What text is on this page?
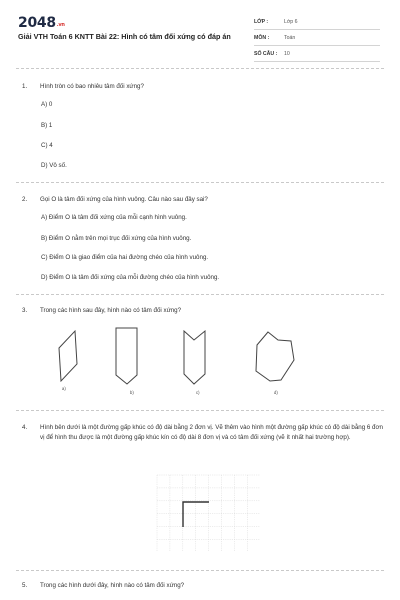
$2048^{.vn}$
Giải VTH Toán 6 KNTT Bài 22: Hình có tâm đối xứng có đáp án
LỚP :	Lớp 6
MÔN :	Toán
SỐ CÂU :	10
1.	Hình tròn có bao nhiêu tâm đối xứng?
A) 0
B) 1
C) 4
D) Vô số.
2.	Gọi O là tâm đối xứng của hình vuông. Câu nào sau đây sai?
A) Điểm O là tâm đối xứng của mỗi cạnh hình vuông.
B) Điểm O nằm trên mọi trục đối xứng của hình vuông.
C) Điểm O là giao điểm của hai đường chéo của hình vuông.
D) Điểm O là tâm đối xứng của mỗi đường chéo của hình vuông.
3.	Trong các hình sau đây, hình nào có tâm đối xứng?
a)
b)	c)	d)
4.	Hình bên dưới là một đường gấp khúc có độ dài bằng 2 đơn vị. Vẽ thêm vào hình một đường gấp khúc có độ dài bằng 6 đơn vị để hình thu được là một đường gấp khúc kín có độ dài 8 đơn vị và có tâm đối xứng (vẽ ít nhất hai trường hợp).
5.	Trong các hình dưới đây, hình nào có tâm đối xứng?
